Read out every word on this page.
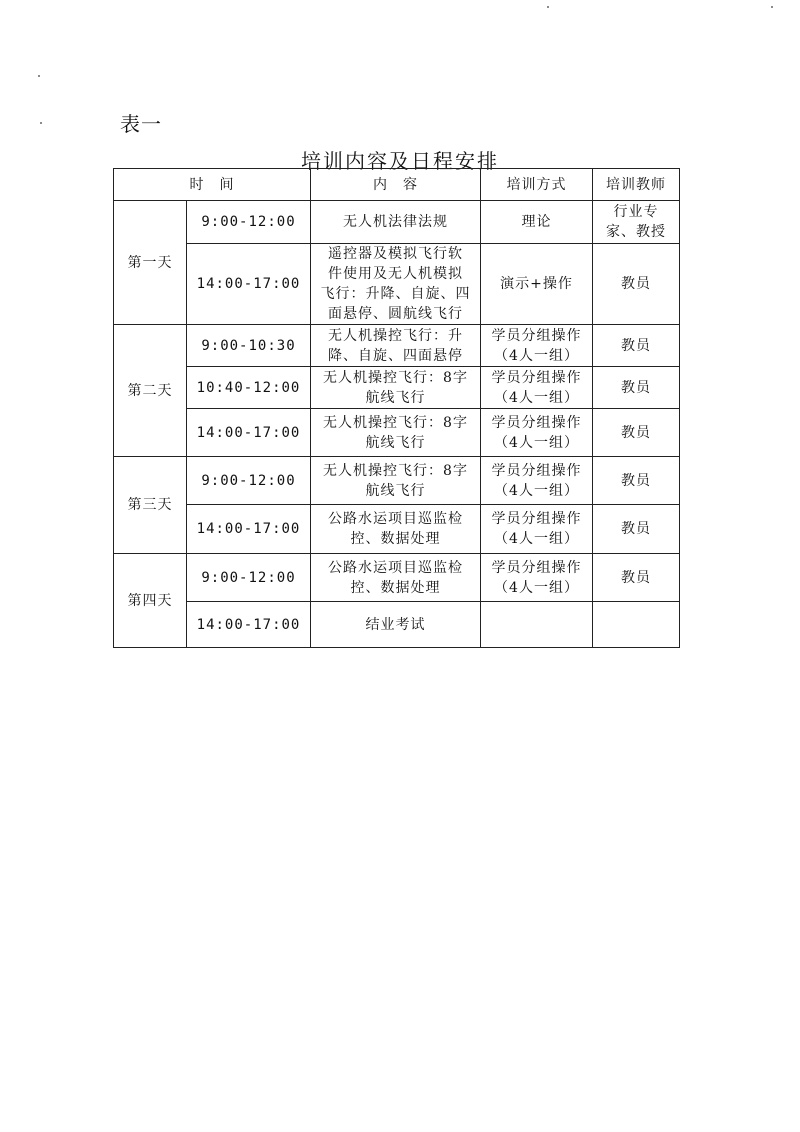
表一
培训内容及日程安排
时　间		内　容	培训方式	培训教师
第一天	9:00-12:00	无人机法律法规	理论	行业专
家、教授
	14:00-17:00	遥控器及模拟飞行软
件使用及无人机模拟
飞行：升降、自旋、四
面悬停、圆航线飞行	演示+操作	教员
第二天	9:00-10:30	无人机操控飞行：升
降、自旋、四面悬停	学员分组操作
（4人一组）	教员
	10:40-12:00	无人机操控飞行：8字
航线飞行	学员分组操作
（4人一组）	教员
	14:00-17:00	无人机操控飞行：8字
航线飞行	学员分组操作
（4人一组）	教员
第三天	9:00-12:00	无人机操控飞行：8字
航线飞行	学员分组操作
（4人一组）	教员
	14:00-17:00	公路水运项目巡监检
控、数据处理	学员分组操作
（4人一组）	教员
第四天	9:00-12:00	公路水运项目巡监检
控、数据处理	学员分组操作
（4人一组）	教员
	14:00-17:00	结业考试		
